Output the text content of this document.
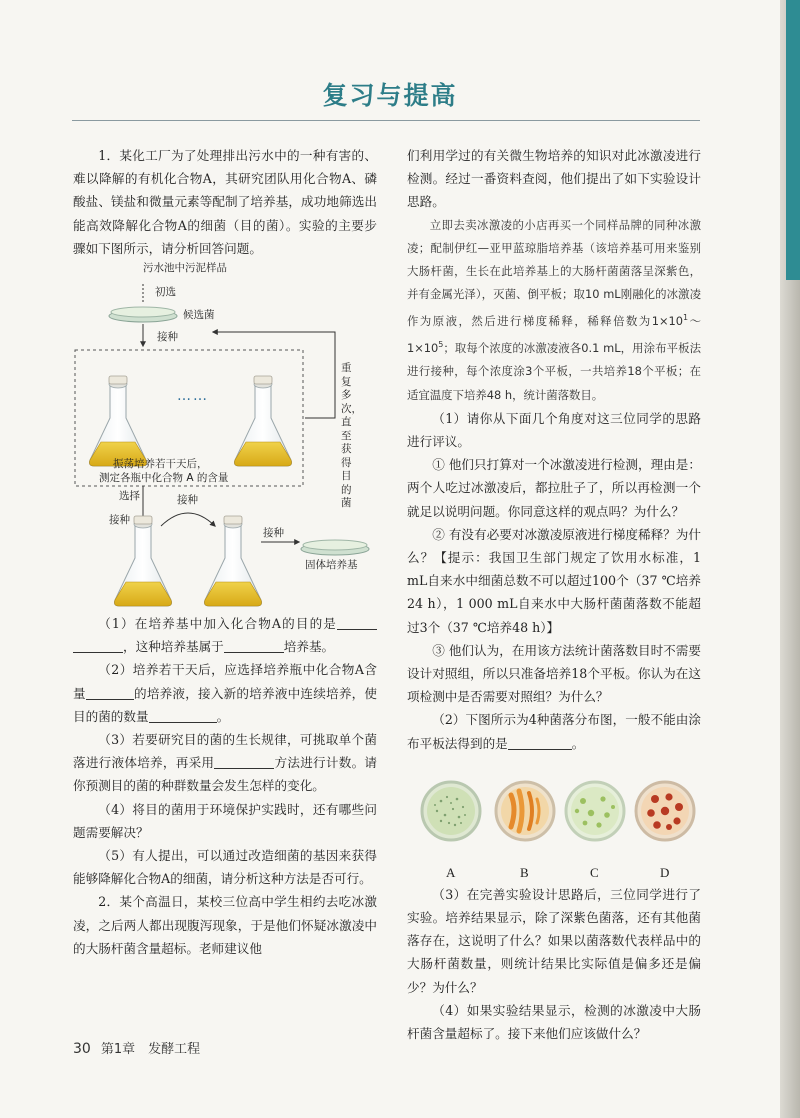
复习与提高

1．某化工厂为了处理排出污水中的一种有害的、难以降解的有机化合物A，其研究团队用化合物A、磷酸盐、镁盐和微量元素等配制了培养基，成功地筛选出能高效降解化合物A的细菌（目的菌）。实验的主要步骤如下图所示，请分析回答问题。

污水池中污泥样品
初选
候选菌
接种
……
振荡培养若干天后，
测定各瓶中化合物 A 的含量
重复多次，直至获得目的菌
选择
接种
接种
接种
固体培养基

（1）在培养基中加入化合物A的目的是，这种培养基属于	培养基。

（2）培养若干天后，应选择培养瓶中化合物A含量	的培养液，接入新的培养液中连续培养，使目的菌的数量	。

（3）若要研究目的菌的生长规律，可挑取单个菌落进行液体培养，再采用	方法进行计数。请你预测目的菌的种群数量会发生怎样的变化。

（4）将目的菌用于环境保护实践时，还有哪些问题需要解决？

（5）有人提出，可以通过改造细菌的基因来获得能够降解化合物A的细菌，请分析这种方法是否可行。

2．某个高温日，某校三位高中学生相约去吃冰激凌，之后两人都出现腹泻现象，于是他们怀疑冰激凌中的大肠杆菌含量超标。老师建议他

们利用学过的有关微生物培养的知识对此冰激凌进行检测。经过一番资料查阅，他们提出了如下实验设计思路。

立即去卖冰激凌的小店再买一个同样品牌的同种冰激凌；配制伊红—亚甲蓝琼脂培养基（该培养基可用来鉴别大肠杆菌，生长在此培养基上的大肠杆菌菌落呈深紫色，并有金属光泽），灭菌、倒平板；取10 mL刚融化的冰激凌作为原液，然后进行梯度稀释，稀释倍数为$1\times 10^1\sim 1\times 10^5$；取每个浓度的冰激凌液各0.1 mL，用涂布平板法进行接种，每个浓度涂3个平板，一共培养18个平板；在适宜温度下培养48 h，统计菌落数目。

（1）请你从下面几个角度对这三位同学的思路进行评议。

① 他们只打算对一个冰激凌进行检测，理由是：两个人吃过冰激凌后，都拉肚子了，所以再检测一个就足以说明问题。你同意这样的观点吗？为什么？

② 有没有必要对冰激凌原液进行梯度稀释？为什么？【提示：我国卫生部门规定了饮用水标准，1 mL自来水中细菌总数不可以超过100个（37 ℃培养24 h），1 000 mL自来水中大肠杆菌菌落数不能超过3个（37 ℃培养48 h）】

③ 他们认为，在用该方法统计菌落数目时不需要设计对照组，所以只准备培养18个平板。你认为在这项检测中是否需要对照组？为什么？

（2）下图所示为4种菌落分布图，一般不能由涂布平板法得到的是	。

A	B	C	D

（3）在完善实验设计思路后，三位同学进行了实验。培养结果显示，除了深紫色菌落，还有其他菌落存在，这说明了什么？如果以菌落数代表样品中的大肠杆菌数量，则统计结果比实际值是偏多还是偏少？为什么？

（4）如果实验结果显示，检测的冰激凌中大肠杆菌含量超标了。接下来他们应该做什么？

30 第1章　发酵工程
